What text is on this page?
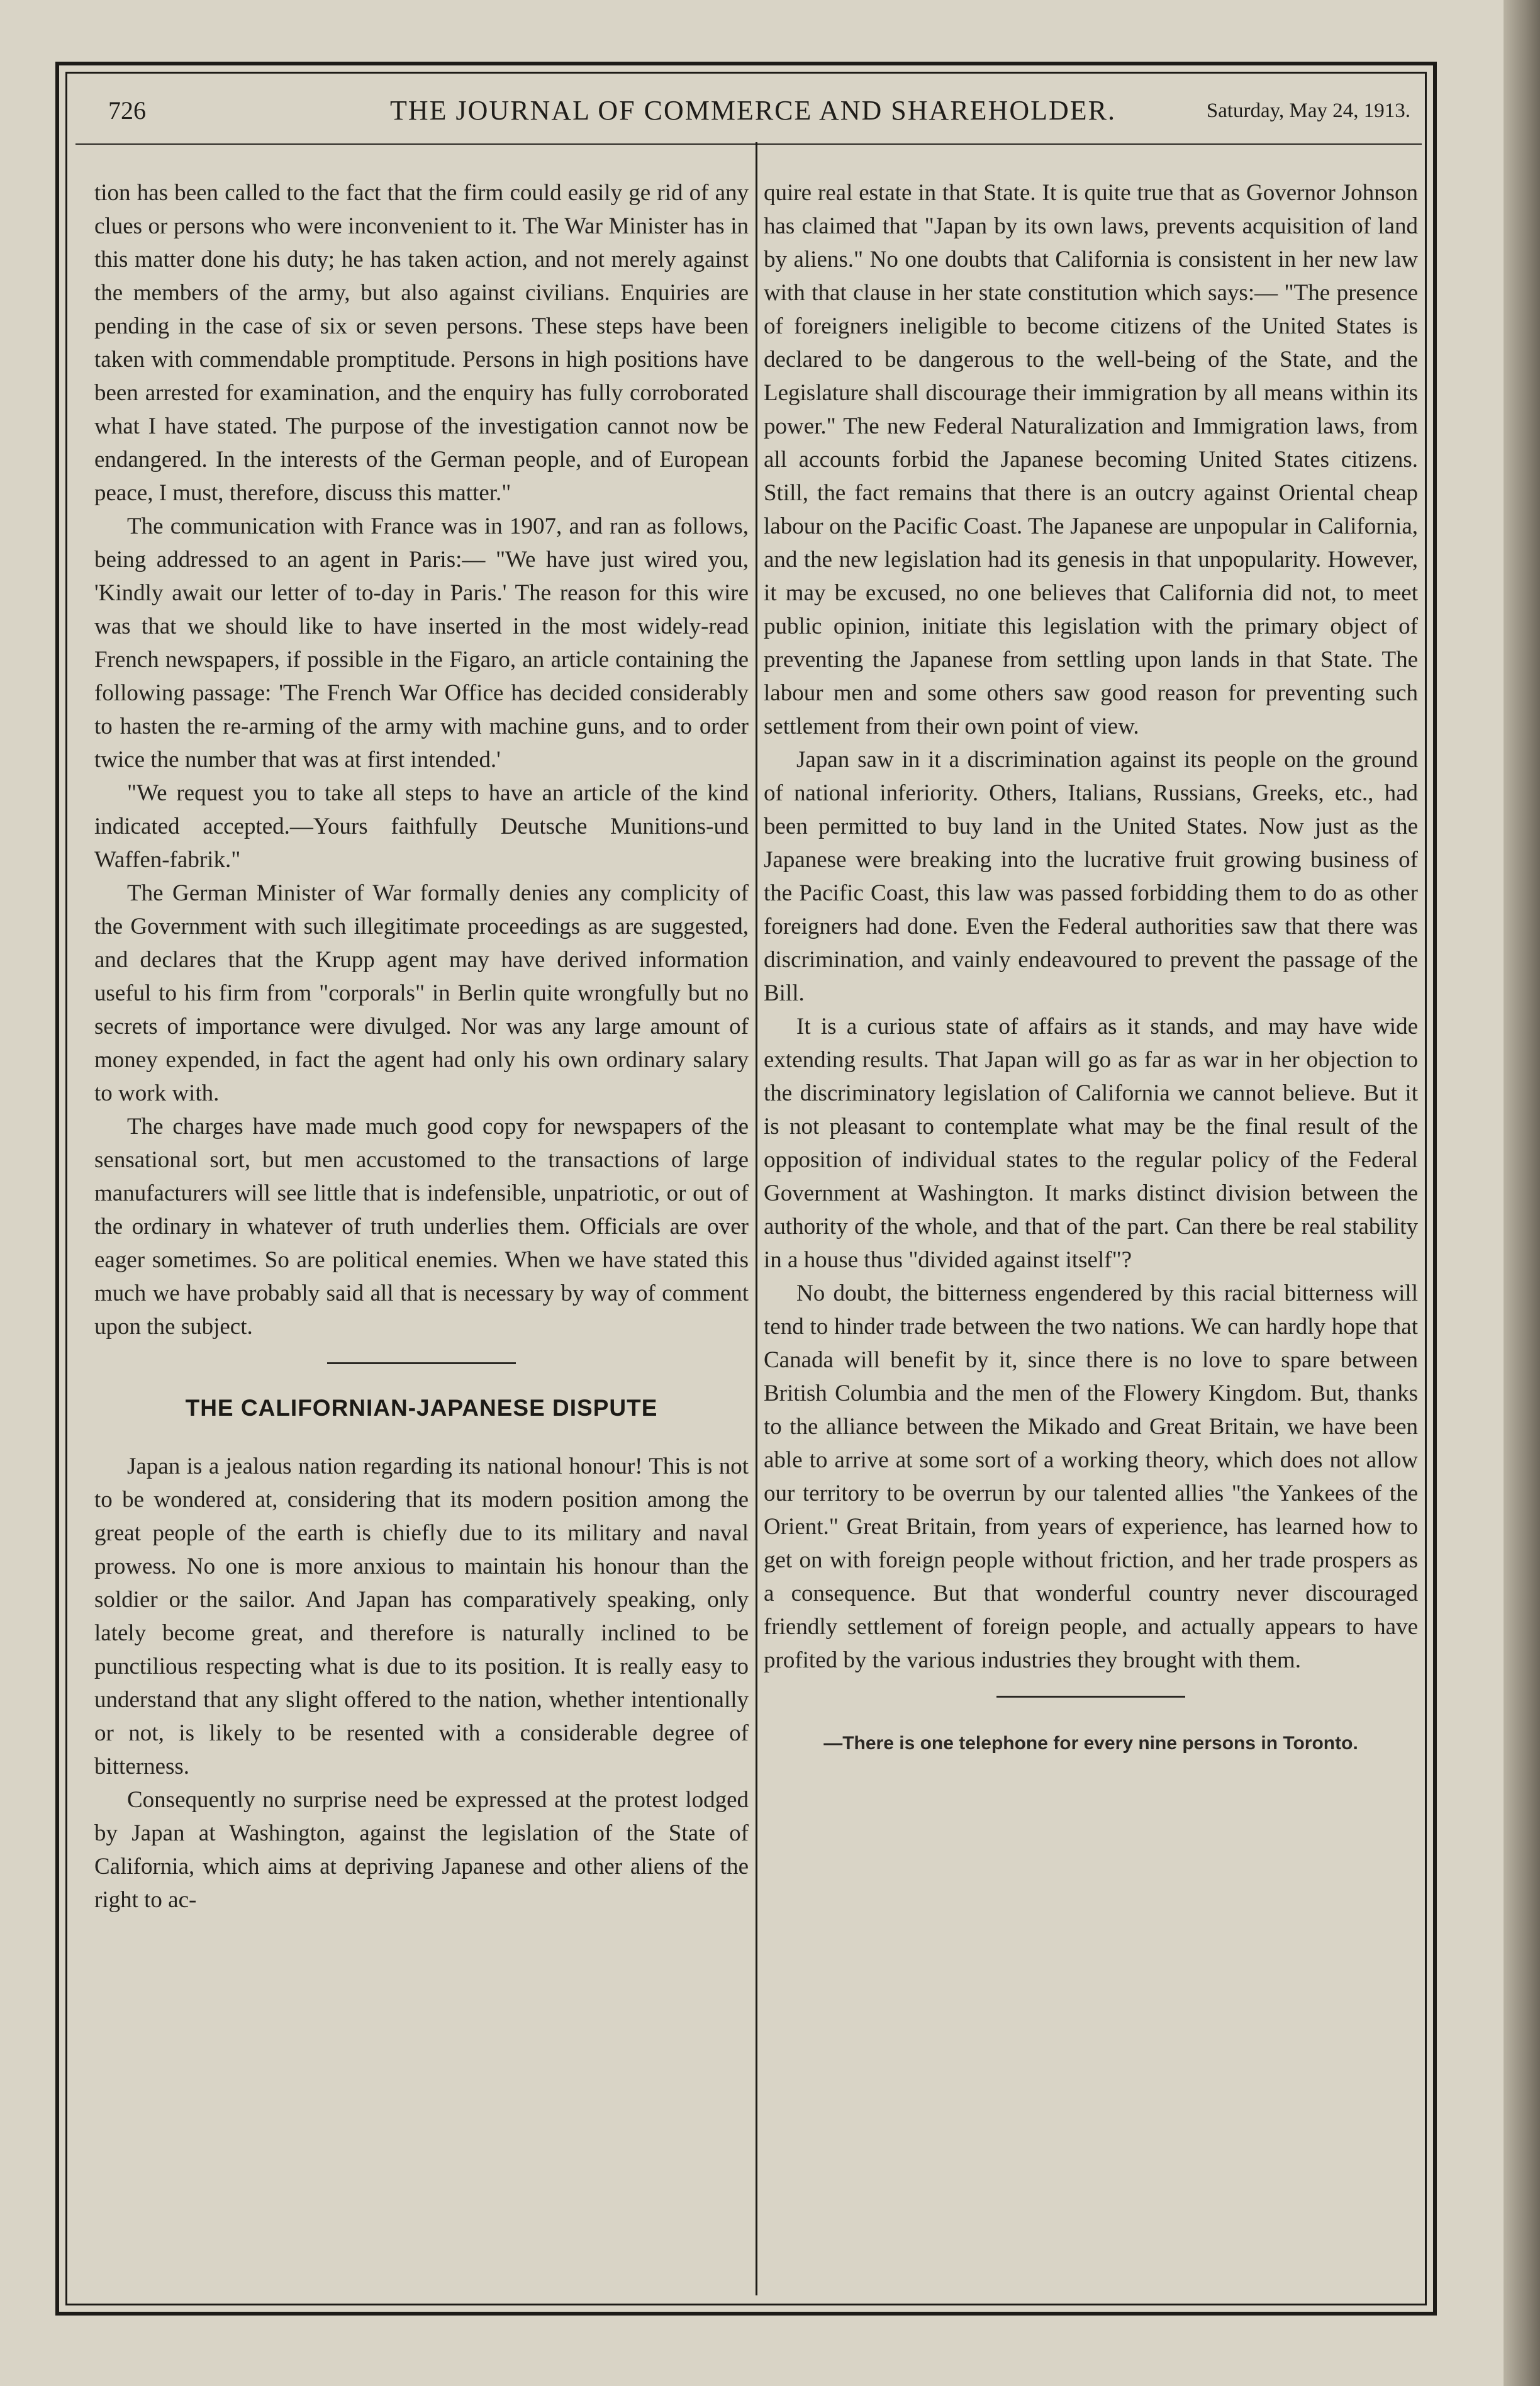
726	THE JOURNAL OF COMMERCE AND SHAREHOLDER.	Saturday, May 24, 1913.

tion has been called to the fact that the firm could easily ge rid of any clues or persons who were inconvenient to it. The War Minister has in this matter done his duty; he has taken action, and not merely against the members of the army, but also against civilians. Enquiries are pending in the case of six or seven persons. These steps have been taken with commendable promptitude. Persons in high positions have been arrested for examination, and the enquiry has fully corroborated what I have stated. The purpose of the investigation cannot now be endangered. In the interests of the German people, and of European peace, I must, therefore, discuss this matter."

The communication with France was in 1907, and ran as follows, being addressed to an agent in Paris:— "We have just wired you, 'Kindly await our letter of to-day in Paris.' The reason for this wire was that we should like to have inserted in the most widely-read French newspapers, if possible in the Figaro, an article containing the following passage: 'The French War Office has decided considerably to hasten the re-arming of the army with machine guns, and to order twice the number that was at first intended.'

"We request you to take all steps to have an article of the kind indicated accepted.—Yours faithfully Deutsche Munitions-und Waffen-fabrik."

The German Minister of War formally denies any complicity of the Government with such illegitimate proceedings as are suggested, and declares that the Krupp agent may have derived information useful to his firm from "corporals" in Berlin quite wrongfully but no secrets of importance were divulged. Nor was any large amount of money expended, in fact the agent had only his own ordinary salary to work with.

The charges have made much good copy for newspapers of the sensational sort, but men accustomed to the transactions of large manufacturers will see little that is indefensible, unpatriotic, or out of the ordinary in whatever of truth underlies them. Officials are over eager sometimes. So are political enemies. When we have stated this much we have probably said all that is necessary by way of comment upon the subject.

THE CALIFORNIAN-JAPANESE DISPUTE

Japan is a jealous nation regarding its national honour! This is not to be wondered at, considering that its modern position among the great people of the earth is chiefly due to its military and naval prowess. No one is more anxious to maintain his honour than the soldier or the sailor. And Japan has comparatively speaking, only lately become great, and therefore is naturally inclined to be punctilious respecting what is due to its position. It is really easy to understand that any slight offered to the nation, whether intentionally or not, is likely to be resented with a considerable degree of bitterness.

Consequently no surprise need be expressed at the protest lodged by Japan at Washington, against the legislation of the State of California, which aims at depriving Japanese and other aliens of the right to ac-

quire real estate in that State. It is quite true that as Governor Johnson has claimed that "Japan by its own laws, prevents acquisition of land by aliens." No one doubts that California is consistent in her new law with that clause in her state constitution which says:— "The presence of foreigners ineligible to become citizens of the United States is declared to be dangerous to the well-being of the State, and the Legislature shall discourage their immigration by all means within its power." The new Federal Naturalization and Immigration laws, from all accounts forbid the Japanese becoming United States citizens. Still, the fact remains that there is an outcry against Oriental cheap labour on the Pacific Coast. The Japanese are unpopular in California, and the new legislation had its genesis in that unpopularity. However, it may be excused, no one believes that California did not, to meet public opinion, initiate this legislation with the primary object of preventing the Japanese from settling upon lands in that State. The labour men and some others saw good reason for preventing such settlement from their own point of view.

Japan saw in it a discrimination against its people on the ground of national inferiority. Others, Italians, Russians, Greeks, etc., had been permitted to buy land in the United States. Now just as the Japanese were breaking into the lucrative fruit growing business of the Pacific Coast, this law was passed forbidding them to do as other foreigners had done. Even the Federal authorities saw that there was discrimination, and vainly endeavoured to prevent the passage of the Bill.

It is a curious state of affairs as it stands, and may have wide extending results. That Japan will go as far as war in her objection to the discriminatory legislation of California we cannot believe. But it is not pleasant to contemplate what may be the final result of the opposition of individual states to the regular policy of the Federal Government at Washington. It marks distinct division between the authority of the whole, and that of the part. Can there be real stability in a house thus "divided against itself"?

No doubt, the bitterness engendered by this racial bitterness will tend to hinder trade between the two nations. We can hardly hope that Canada will benefit by it, since there is no love to spare between British Columbia and the men of the Flowery Kingdom. But, thanks to the alliance between the Mikado and Great Britain, we have been able to arrive at some sort of a working theory, which does not allow our territory to be overrun by our talented allies "the Yankees of the Orient." Great Britain, from years of experience, has learned how to get on with foreign people without friction, and her trade prospers as a consequence. But that wonderful country never discouraged friendly settlement of foreign people, and actually appears to have profited by the various industries they brought with them.

—There is one telephone for every nine persons in Toronto.
